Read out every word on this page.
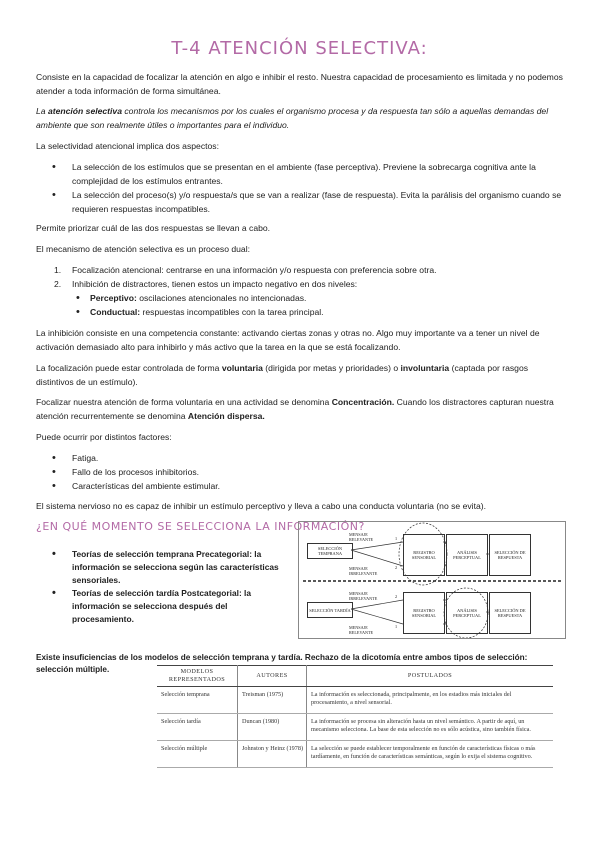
T-4 ATENCIÓN SELECTIVA:

Consiste en la capacidad de focalizar la atención en algo e inhibir el resto. Nuestra capacidad de procesamiento es limitada y no podemos atender a toda información de forma simultánea.

La atención selectiva controla los mecanismos por los cuales el organismo procesa y da respuesta tan sólo a aquellas demandas del ambiente que son realmente útiles o importantes para el individuo.

La selectividad atencional implica dos aspectos:

• La selección de los estímulos que se presentan en el ambiente (fase perceptiva). Previene la sobrecarga cognitiva ante la complejidad de los estímulos entrantes.
• La selección del proceso(s) y/o respuesta/s que se van a realizar (fase de respuesta). Evita la parálisis del organismo cuando se requieren respuestas incompatibles.

Permite priorizar cuál de las dos respuestas se llevan a cabo.

El mecanismo de atención selectiva es un proceso dual:

1. Focalización atencional: centrarse en una información y/o respuesta con preferencia sobre otra.
2. Inhibición de distractores, tienen estos un impacto negativo en dos niveles:
• Perceptivo: oscilaciones atencionales no intencionadas.
• Conductual: respuestas incompatibles con la tarea principal.

La inhibición consiste en una competencia constante: activando ciertas zonas y otras no. Algo muy importante va a tener un nivel de activación demasiado alto para inhibirlo y más activo que la tarea en la que se está focalizando.

La focalización puede estar controlada de forma voluntaria (dirigida por metas y prioridades) o involuntaria (captada por rasgos distintivos de un estímulo).

Focalizar nuestra atención de forma voluntaria en una actividad se denomina Concentración. Cuando los distractores capturan nuestra atención recurrentemente se denomina Atención dispersa.

Puede ocurrir por distintos factores:

• Fatiga.
• Fallo de los procesos inhibitorios.
• Características del ambiente estimular.

El sistema nervioso no es capaz de inhibir un estímulo perceptivo y lleva a cabo una conducta voluntaria (no se evita).

¿EN QUÉ MOMENTO SE SELECCIONA LA INFORMACIÓN?
• Teorías de selección temprana Precategorial: la información se selecciona según las características sensoriales.
• Teorías de selección tardía Postcategorial: la información se selecciona después del procesamiento.
SELECCIÓN TEMPRANA
MENSAJE RELEVANTE
MENSAJE IRRELEVANTE
1
2
REGISTRO SENSORIAL
ANÁLISIS PERCEPTUAL
SELECCIÓN DE RESPUESTA
SELECCIÓN TARDÍA
MENSAJE IRRELEVANTE
MENSAJE RELEVANTE
2
1
REGISTRO SENSORIAL
ANÁLISIS PERCEPTUAL
SELECCIÓN DE RESPUESTA

Existe insuficiencias de los modelos de selección temprana y tardía. Rechazo de la dicotomía entre ambos tipos de selección: selección múltiple.	MODELOS REPRESENTADOS	AUTORES	POSTULADOS
Selección temprana	Treisman (1975)	La información es seleccionada, principalmente, en los estadios más iniciales del procesamiento, a nivel sensorial.
Selección tardía	Duncan (1980)	La información se procesa sin alteración hasta un nivel semántico. A partir de aquí, un mecanismo selecciona. La base de esta selección no es sólo acústica, sino también física.
Selección múltiple	Johnston y Heinz (1978)	La selección se puede establecer temporalmente en función de características físicas o más tardíamente, en función de características semánticas, según lo exija el sistema cognitivo.
